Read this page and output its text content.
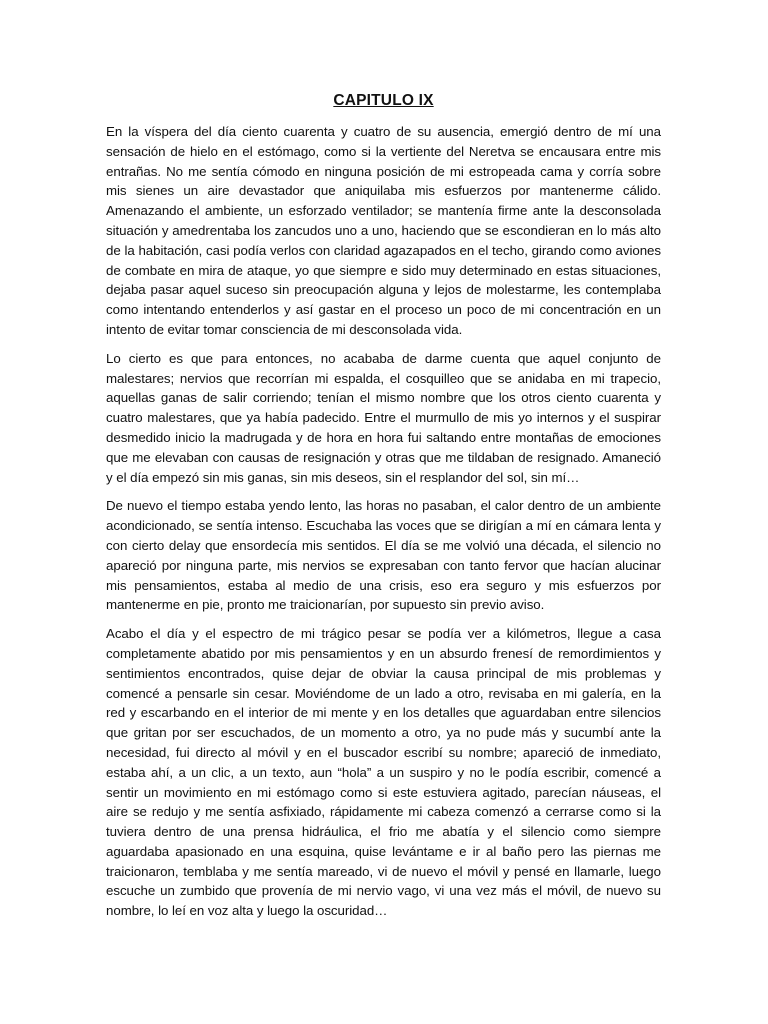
CAPITULO IX

En la víspera del día ciento cuarenta y cuatro de su ausencia, emergió dentro de mí una sensación de hielo en el estómago, como si la vertiente del Neretva se encausara entre mis entrañas. No me sentía cómodo en ninguna posición de mi estropeada cama y corría sobre mis sienes un aire devastador que aniquilaba mis esfuerzos por mantenerme cálido. Amenazando el ambiente, un esforzado ventilador; se mantenía firme ante la desconsolada situación y amedrentaba los zancudos uno a uno, haciendo que se escondieran en lo más alto de la habitación, casi podía verlos con claridad agazapados en el techo, girando como aviones de combate en mira de ataque, yo que siempre e sido muy determinado en estas situaciones, dejaba pasar aquel suceso sin preocupación alguna y lejos de molestarme, les contemplaba como intentando entenderlos y así gastar en el proceso un poco de mi concentración en un intento de evitar tomar consciencia de mi desconsolada vida.

Lo cierto es que para entonces, no acababa de darme cuenta que aquel conjunto de malestares; nervios que recorrían mi espalda, el cosquilleo que se anidaba en mi trapecio, aquellas ganas de salir corriendo; tenían el mismo nombre que los otros ciento cuarenta y cuatro malestares, que ya había padecido. Entre el murmullo de mis yo internos y el suspirar desmedido inicio la madrugada y de hora en hora fui saltando entre montañas de emociones que me elevaban con causas de resignación y otras que me tildaban de resignado. Amaneció y el día empezó sin mis ganas, sin mis deseos, sin el resplandor del sol, sin mí…

De nuevo el tiempo estaba yendo lento, las horas no pasaban, el calor dentro de un ambiente acondicionado, se sentía intenso. Escuchaba las voces que se dirigían a mí en cámara lenta y con cierto delay que ensordecía mis sentidos. El día se me volvió una década, el silencio no apareció por ninguna parte, mis nervios se expresaban con tanto fervor que hacían alucinar mis pensamientos, estaba al medio de una crisis, eso era seguro y mis esfuerzos por mantenerme en pie, pronto me traicionarían, por supuesto sin previo aviso.

Acabo el día y el espectro de mi trágico pesar se podía ver a kilómetros, llegue a casa completamente abatido por mis pensamientos y en un absurdo frenesí de remordimientos y sentimientos encontrados, quise dejar de obviar la causa principal de mis problemas y comencé a pensarle sin cesar. Moviéndome de un lado a otro, revisaba en mi galería, en la red y escarbando en el interior de mi mente y en los detalles que aguardaban entre silencios que gritan por ser escuchados, de un momento a otro, ya no pude más y sucumbí ante la necesidad, fui directo al móvil y en el buscador escribí su nombre; apareció de inmediato, estaba ahí, a un clic, a un texto, aun “hola” a un suspiro y no le podía escribir, comencé a sentir un movimiento en mi estómago como si este estuviera agitado, parecían náuseas, el aire se redujo y me sentía asfixiado, rápidamente mi cabeza comenzó a cerrarse como si la tuviera dentro de una prensa hidráulica, el frio me abatía y el silencio como siempre aguardaba apasionado en una esquina, quise levántame e ir al baño pero las piernas me traicionaron, temblaba y me sentía mareado, vi de nuevo el móvil y pensé en llamarle, luego escuche un zumbido que provenía de mi nervio vago, vi una vez más el móvil, de nuevo su nombre, lo leí en voz alta y luego la oscuridad…
